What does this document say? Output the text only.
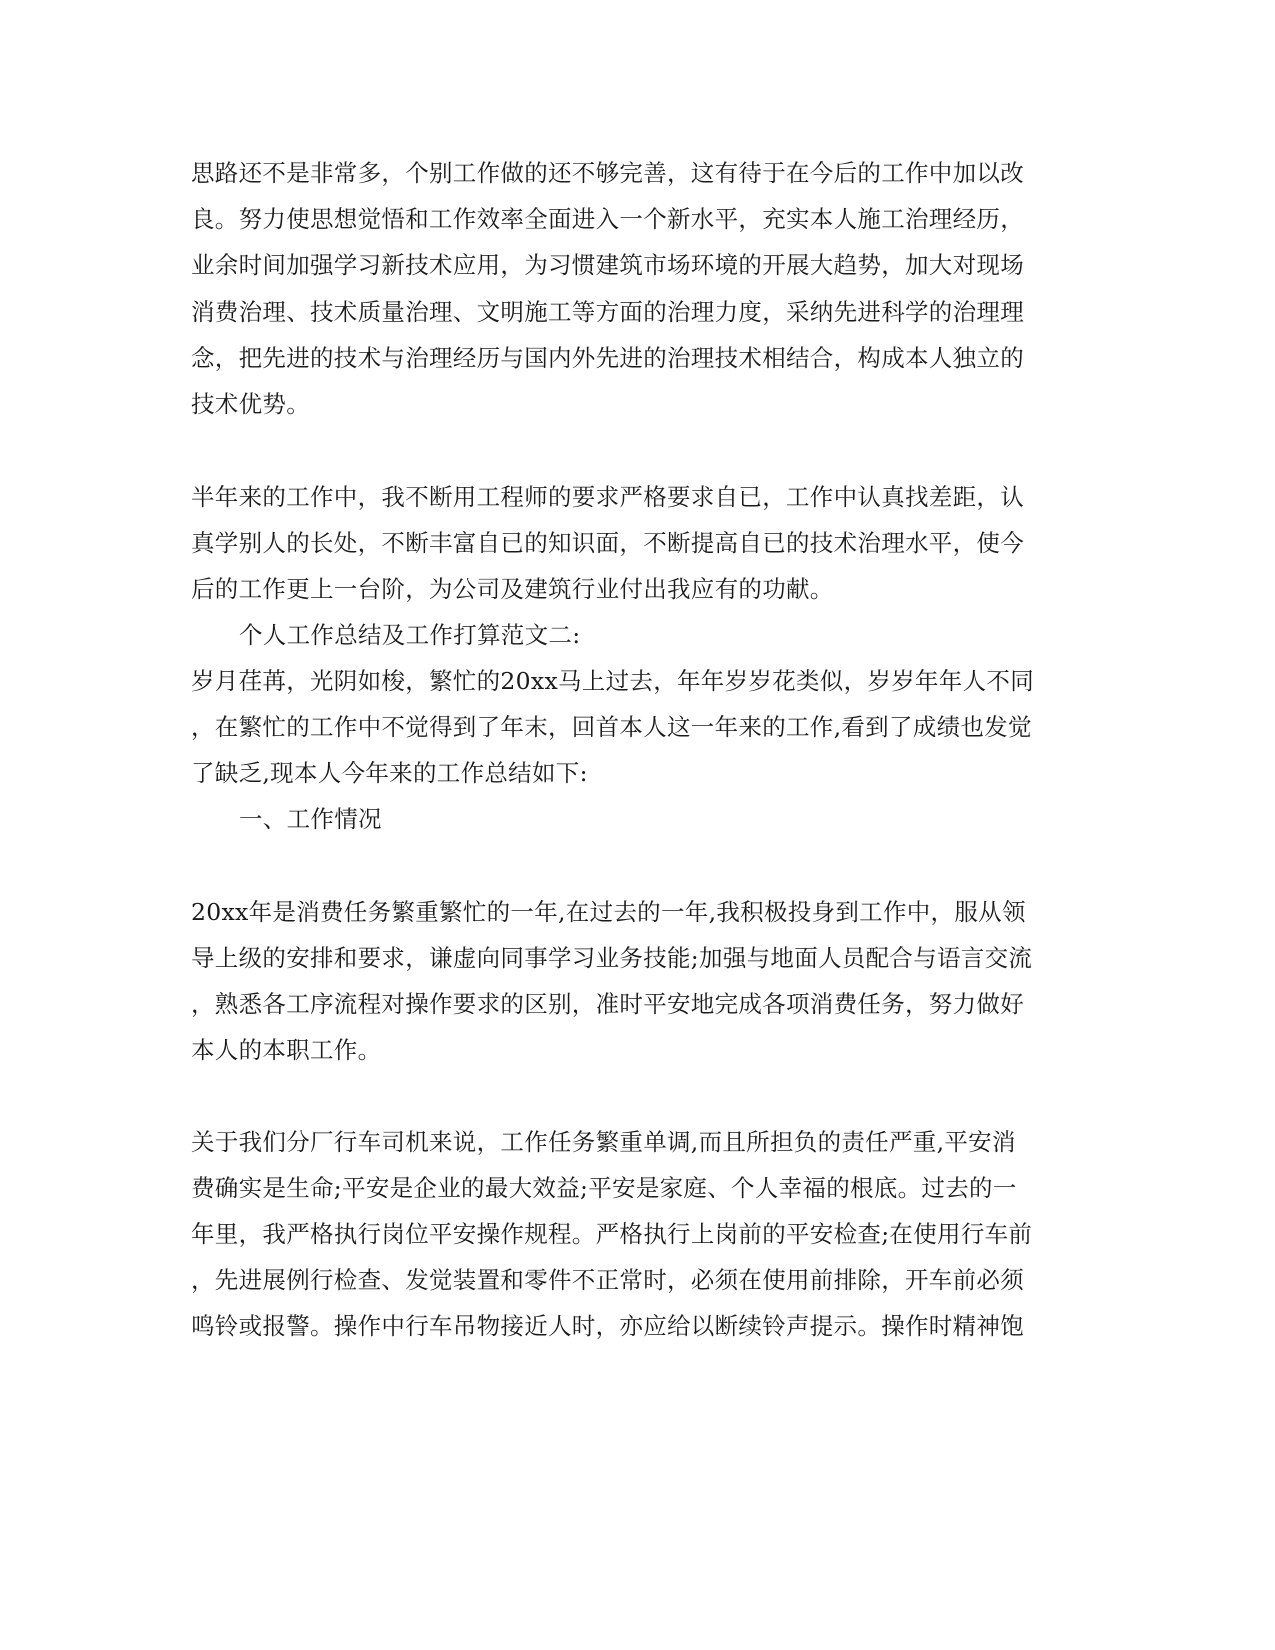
思路还不是非常多，个别工作做的还不够完善，这有待于在今后的工作中加以改
良。努力使思想觉悟和工作效率全面进入一个新水平，充实本人施工治理经历，
业余时间加强学习新技术应用，为习惯建筑市场环境的开展大趋势，加大对现场
消费治理、技术质量治理、文明施工等方面的治理力度，采纳先进科学的治理理
念，把先进的技术与治理经历与国内外先进的治理技术相结合，构成本人独立的
技术优势。
半年来的工作中，我不断用工程师的要求严格要求自已，工作中认真找差距，认
真学别人的长处，不断丰富自已的知识面，不断提高自已的技术治理水平，使今
后的工作更上一台阶，为公司及建筑行业付出我应有的功献。
个人工作总结及工作打算范文二:
岁月荏苒，光阴如梭，繁忙的20xx马上过去，年年岁岁花类似，岁岁年年人不同
，在繁忙的工作中不觉得到了年末，回首本人这一年来的工作,看到了成绩也发觉
了缺乏,现本人今年来的工作总结如下:
一、工作情况
20xx年是消费任务繁重繁忙的一年,在过去的一年,我积极投身到工作中，服从领
导上级的安排和要求，谦虚向同事学习业务技能;加强与地面人员配合与语言交流
，熟悉各工序流程对操作要求的区别，准时平安地完成各项消费任务，努力做好
本人的本职工作。
关于我们分厂行车司机来说，工作任务繁重单调,而且所担负的责任严重,平安消
费确实是生命;平安是企业的最大效益;平安是家庭、个人幸福的根底。过去的一
年里，我严格执行岗位平安操作规程。严格执行上岗前的平安检查;在使用行车前
，先进展例行检查、发觉装置和零件不正常时，必须在使用前排除，开车前必须
鸣铃或报警。操作中行车吊物接近人时，亦应给以断续铃声提示。操作时精神饱
